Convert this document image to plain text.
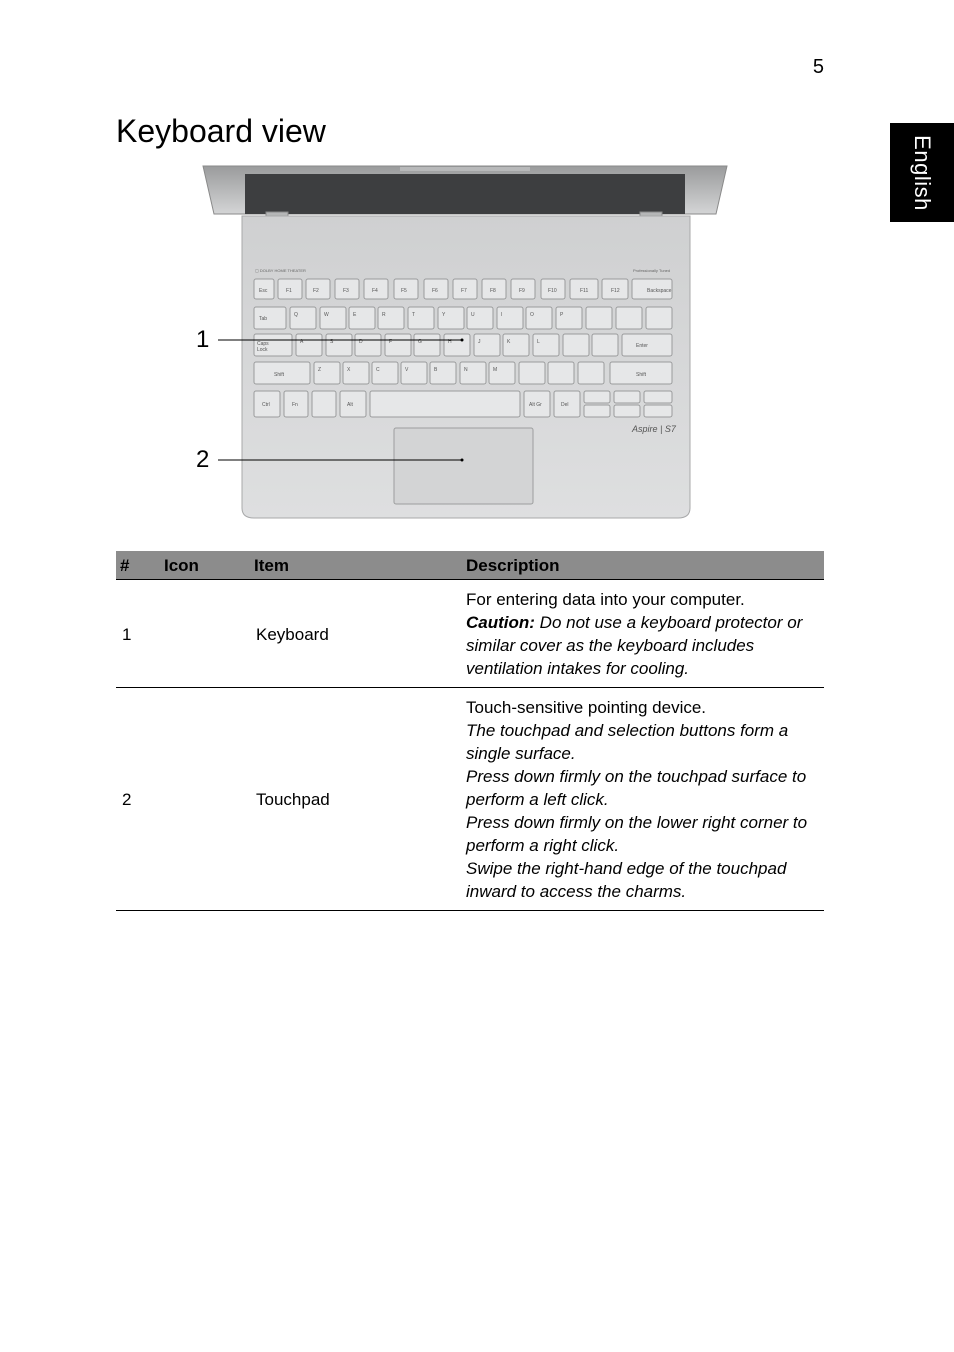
5
English
Keyboard view
1
2
▢ DOLBY HOME THEATER	Professionally Tuned
Aspire | S7
Esc	F1	F2	F3	F4	F5	F6	F7	F8	F9	F10	F11	F12	Backspace
Tab
Q	W	E	R	T	Y	U	I	O	P
Caps
Lock
A	S	D	F	G	H	J	K	L
Enter
Shift
Z	X	C	V	B	N	M
Shift
Ctrl	Fn	Alt	Alt Gr	Del
#	Icon	Item	Description
1		Keyboard	For entering data into your computer.

Caution: Do not use a keyboard protector or similar cover as the keyboard includes ventilation intakes for cooling.

2		Touchpad	Touch-sensitive pointing device.

The touchpad and selection buttons form a single surface.

Press down firmly on the touchpad surface to perform a left click.

Press down firmly on the lower right corner to perform a right click.

Swipe the right-hand edge of the touchpad inward to access the charms.
